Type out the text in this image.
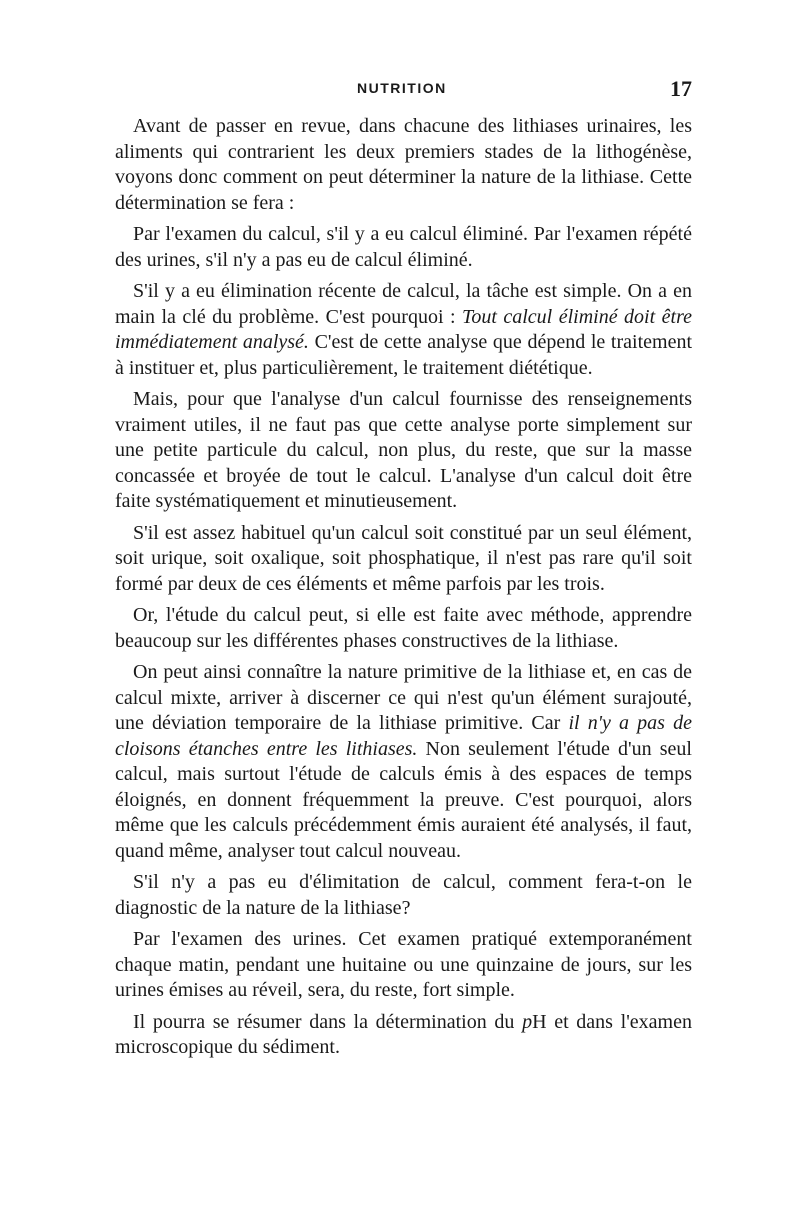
NUTRITION	17

Avant de passer en revue, dans chacune des lithiases urinaires, les aliments qui contrarient les deux premiers stades de la lithogénèse, voyons donc comment on peut déterminer la nature de la lithiase. Cette détermination se fera :

Par l'examen du calcul, s'il y a eu calcul éliminé. Par l'examen répété des urines, s'il n'y a pas eu de calcul éliminé.

S'il y a eu élimination récente de calcul, la tâche est simple. On a en main la clé du problème. C'est pourquoi : Tout calcul éliminé doit être immédiatement analysé. C'est de cette analyse que dépend le traitement à instituer et, plus particulièrement, le traitement diététique.

Mais, pour que l'analyse d'un calcul fournisse des renseignements vraiment utiles, il ne faut pas que cette analyse porte simplement sur une petite particule du calcul, non plus, du reste, que sur la masse concassée et broyée de tout le calcul. L'analyse d'un calcul doit être faite systématiquement et minutieusement.

S'il est assez habituel qu'un calcul soit constitué par un seul élément, soit urique, soit oxalique, soit phosphatique, il n'est pas rare qu'il soit formé par deux de ces éléments et même parfois par les trois.

Or, l'étude du calcul peut, si elle est faite avec méthode, apprendre beaucoup sur les différentes phases constructives de la lithiase.

On peut ainsi connaître la nature primitive de la lithiase et, en cas de calcul mixte, arriver à discerner ce qui n'est qu'un élément surajouté, une déviation temporaire de la lithiase primitive. Car il n'y a pas de cloisons étanches entre les lithiases. Non seulement l'étude d'un seul calcul, mais surtout l'étude de calculs émis à des espaces de temps éloignés, en donnent fréquemment la preuve. C'est pourquoi, alors même que les calculs précédemment émis auraient été analysés, il faut, quand même, analyser tout calcul nouveau.

S'il n'y a pas eu d'élimitation de calcul, comment fera-t-on le diagnostic de la nature de la lithiase?

Par l'examen des urines. Cet examen pratiqué extemporanément chaque matin, pendant une huitaine ou une quinzaine de jours, sur les urines émises au réveil, sera, du reste, fort simple.

Il pourra se résumer dans la détermination du pH et dans l'examen microscopique du sédiment.
